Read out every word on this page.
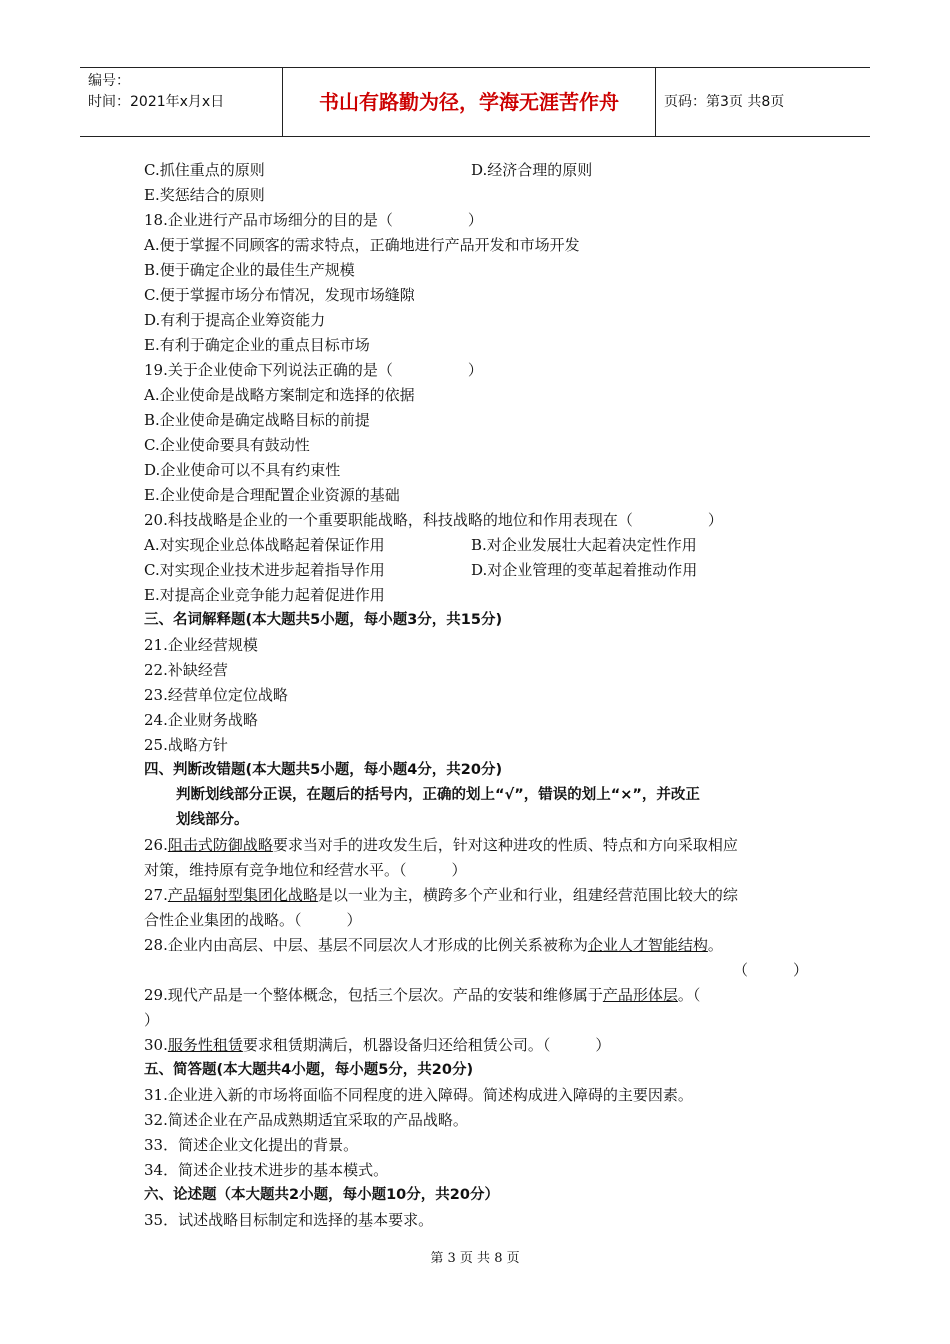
编号：
时间：2021年x月x日	书山有路勤为径，学海无涯苦作舟	页码：第3页 共8页
C.抓住重点的原则	D.经济合理的原则
E.奖惩结合的原则
18.企业进行产品市场细分的目的是（　　　　　）
A.便于掌握不同顾客的需求特点，正确地进行产品开发和市场开发
B.便于确定企业的最佳生产规模
C.便于掌握市场分布情况，发现市场缝隙
D.有利于提高企业筹资能力
E.有利于确定企业的重点目标市场
19.关于企业使命下列说法正确的是（　　　　　）
A.企业使命是战略方案制定和选择的依据
B.企业使命是确定战略目标的前提
C.企业使命要具有鼓动性
D.企业使命可以不具有约束性
E.企业使命是合理配置企业资源的基础
20.科技战略是企业的一个重要职能战略，科技战略的地位和作用表现在（　　　　　）
A.对实现企业总体战略起着保证作用	B.对企业发展壮大起着决定性作用
C.对实现企业技术进步起着指导作用	D.对企业管理的变革起着推动作用
E.对提高企业竞争能力起着促进作用
三、名词解释题(本大题共5小题，每小题3分，共15分)
21.企业经营规模
22.补缺经营
23.经营单位定位战略
24.企业财务战略
25.战略方针
四、判断改错题(本大题共5小题，每小题4分，共20分)
判断划线部分正误，在题后的括号内，正确的划上“√”，错误的划上“×”，并改正
划线部分。
26.阻击式防御战略要求当对手的进攻发生后，针对这种进攻的性质、特点和方向采取相应
对策，维持原有竞争地位和经营水平。（　　　）
27.产品辐射型集团化战略是以一业为主，横跨多个产业和行业，组建经营范围比较大的综
合性企业集团的战略。（　　　）
28.企业内由高层、中层、基层不同层次人才形成的比例关系被称为企业人才智能结构。
（　　　）
29.现代产品是一个整体概念，包括三个层次。产品的安装和维修属于产品形体层。（
）
30.服务性租赁要求租赁期满后，机器设备归还给租赁公司。（　　　）
五、简答题(本大题共4小题，每小题5分，共20分)
31.企业进入新的市场将面临不同程度的进入障碍。简述构成进入障碍的主要因素。
32.简述企业在产品成熟期适宜采取的产品战略。
33．简述企业文化提出的背景。
34．简述企业技术进步的基本模式。
六、论述题（本大题共2小题，每小题10分，共20分）
35．试述战略目标制定和选择的基本要求。
第 3 页 共 8 页
